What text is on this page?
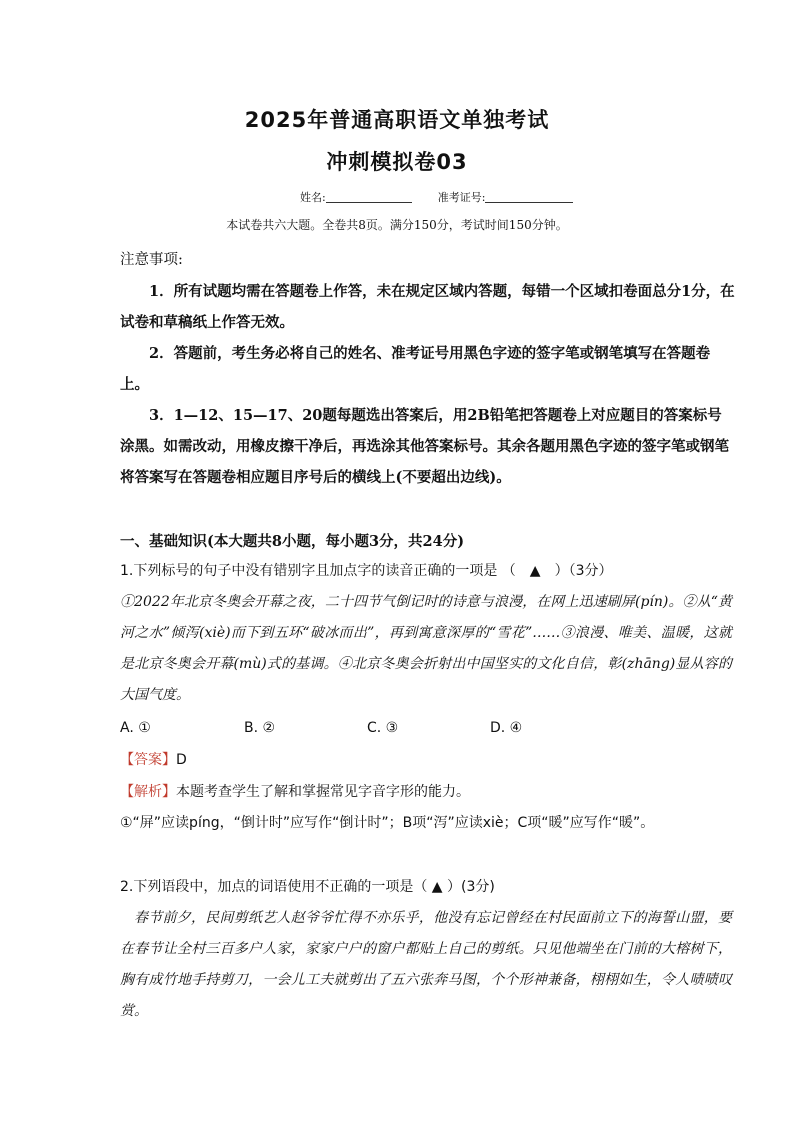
2025年普通高职语文单独考试
冲刺模拟卷03
姓名:	准考证号:
本试卷共六大题。全卷共8页。满分150分，考试时间150分钟。
注意事项:
1．所有试题均需在答题卷上作答，未在规定区域内答题，每错一个区域扣卷面总分1分，在试卷和草稿纸上作答无效。
2．答题前，考生务必将自己的姓名、准考证号用黑色字迹的签字笔或钢笔填写在答题卷上。
3．1—12、15—17、20题每题选出答案后，用2B铅笔把答题卷上对应题目的答案标号涂黑。如需改动，用橡皮擦干净后，再选涂其他答案标号。其余各题用黑色字迹的签字笔或钢笔将答案写在答题卷相应题目序号后的横线上(不要超出边线)。
一、基础知识(本大题共8小题，每小题3分，共24分)
1.下列标号的句子中没有错别字且加点字的读音正确的一项是 （　▲　）（3分）
①2022年北京冬奥会开幕之夜，二十四节气倒记时的诗意与浪漫，在网上迅速刷屏(pín)。②从“黄河之水”倾泻(xiè)而下到五环“破冰而出”，再到寓意深厚的“雪花”……③浪漫、唯美、温暖，这就是北京冬奥会开幕(mù)式的基调。④北京冬奥会折射出中国坚实的文化自信，彰(zhāng)显从容的大国气度。
A. ①	B. ②	C. ③	D. ④
【答案】D
【解析】本题考查学生了解和掌握常见字音字形的能力。
①“屏”应读píng，“倒计时”应写作“倒计时”；B项“泻”应读xiè；C项“暖”应写作“暖”。
2.下列语段中，加点的词语使用不正确的一项是（ ▲ ）(3分)
春节前夕，民间剪纸艺人赵爷爷忙得不亦乐乎，他没有忘记曾经在村民面前立下的海誓山盟，要在春节让全村三百多户人家，家家户户的窗户都贴上自己的剪纸。只见他端坐在门前的大榕树下，胸有成竹地手持剪刀，一会儿工夫就剪出了五六张奔马图，个个形神兼备，栩栩如生，令人啧啧叹赏。
